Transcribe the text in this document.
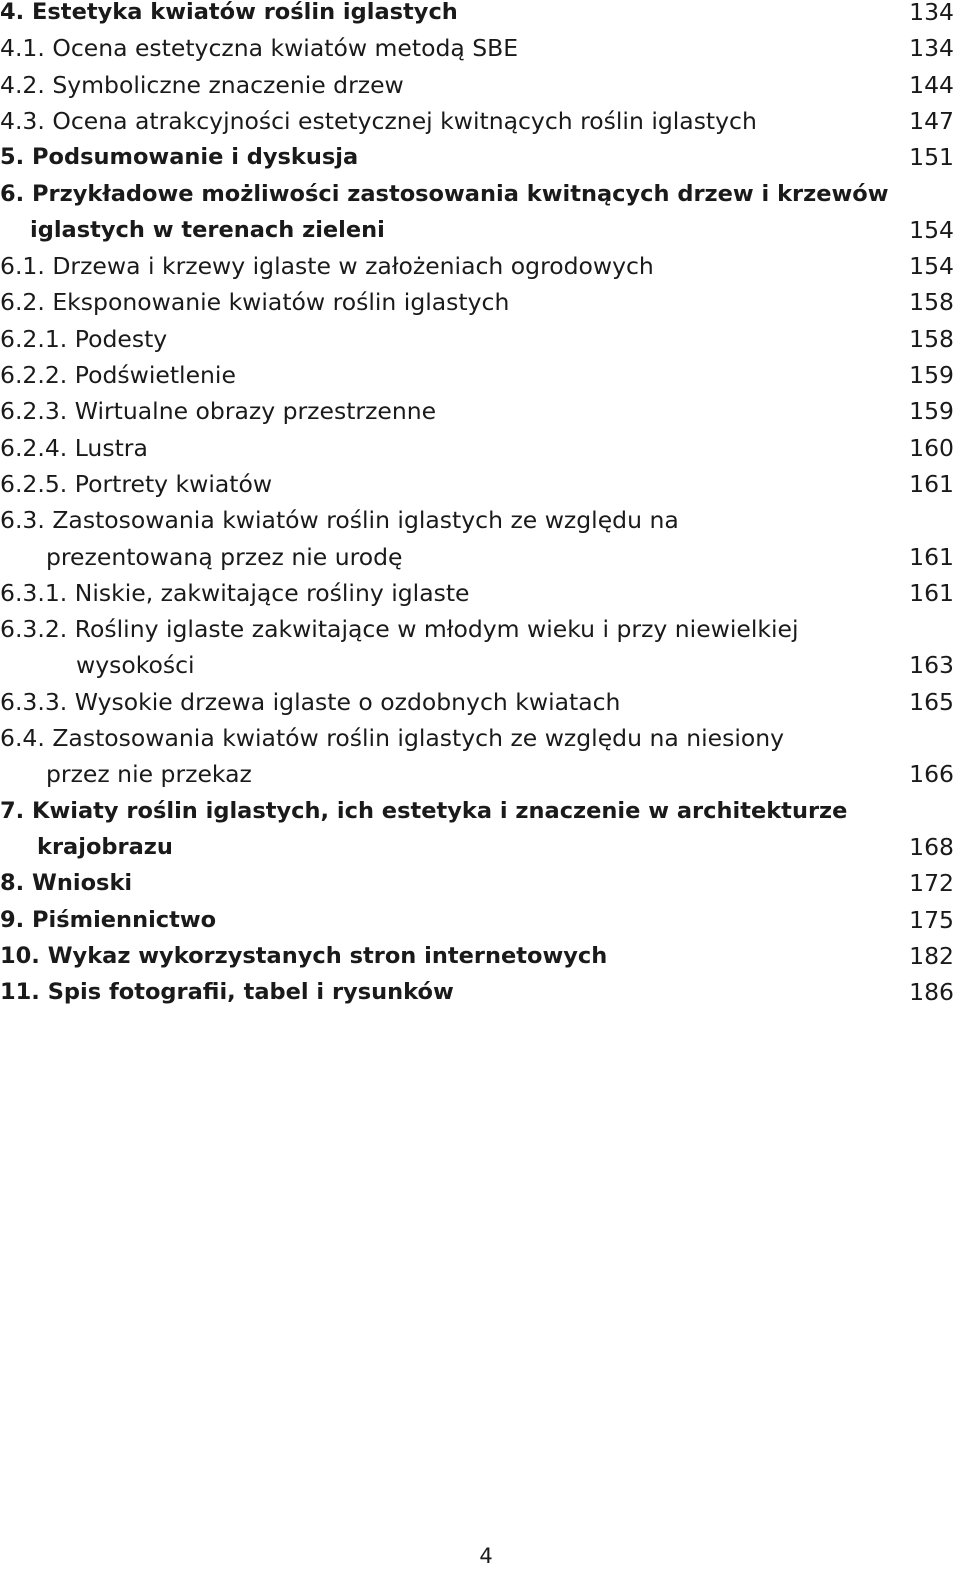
4. Estetyka kwiatów roślin iglastych	134
4.1. Ocena estetyczna kwiatów metodą SBE	134
4.2. Symboliczne znaczenie drzew	144
4.3. Ocena atrakcyjności estetycznej kwitnących roślin iglastych	147
5. Podsumowanie i dyskusja	151
6. Przykładowe możliwości zastosowania kwitnących drzew i krzewów
iglastych w terenach zieleni	154
6.1. Drzewa i krzewy iglaste w założeniach ogrodowych	154
6.2. Eksponowanie kwiatów roślin iglastych	158
6.2.1. Podesty	158
6.2.2. Podświetlenie	159
6.2.3. Wirtualne obrazy przestrzenne	159
6.2.4. Lustra	160
6.2.5. Portrety kwiatów	161
6.3. Zastosowania kwiatów roślin iglastych ze względu na
prezentowaną przez nie urodę	161
6.3.1. Niskie, zakwitające rośliny iglaste	161
6.3.2. Rośliny iglaste zakwitające w młodym wieku i przy niewielkiej
wysokości	163
6.3.3. Wysokie drzewa iglaste o ozdobnych kwiatach	165
6.4. Zastosowania kwiatów roślin iglastych ze względu na niesiony
przez nie przekaz	166
7. Kwiaty roślin iglastych, ich estetyka i znaczenie w architekturze
krajobrazu	168
8. Wnioski	172
9. Piśmiennictwo	175
10. Wykaz wykorzystanych stron internetowych	182
11. Spis fotografii, tabel i rysunków	186
4
